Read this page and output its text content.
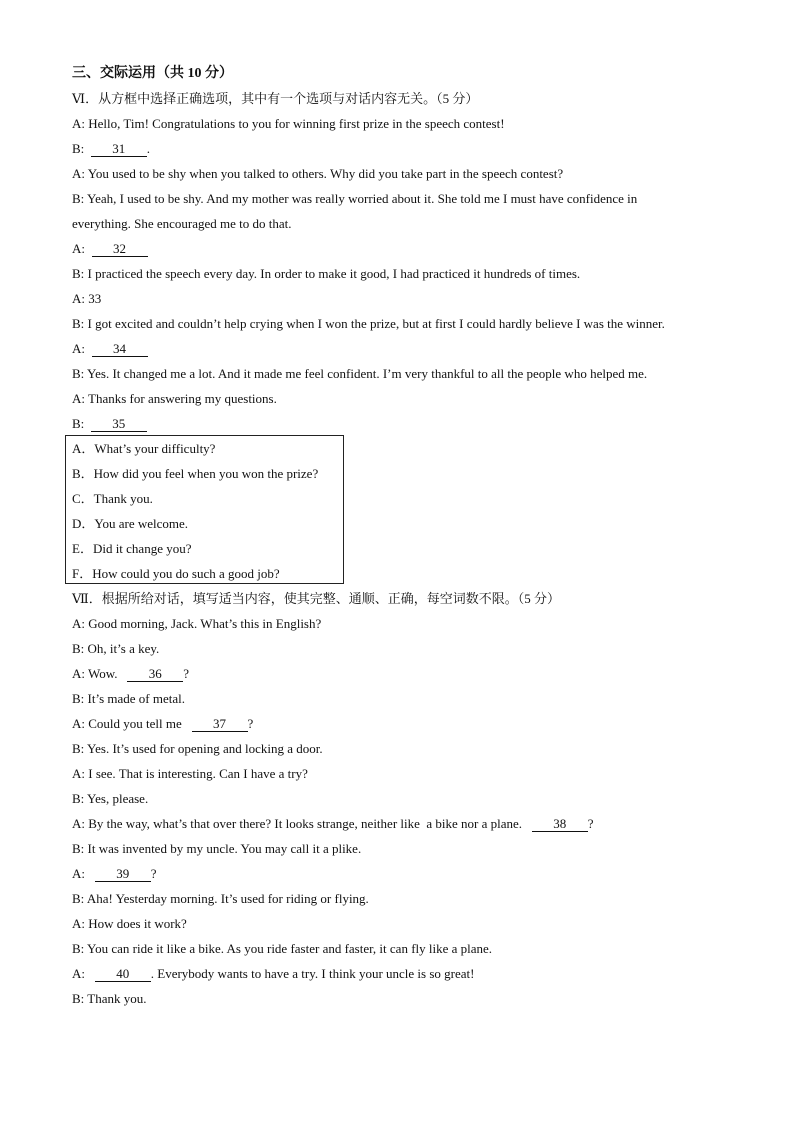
三、交际运用（共 10 分）
Ⅵ．从方框中选择正确选项，其中有一个选项与对话内容无关。（5 分）
A: Hello, Tim! Congratulations to you for winning first prize in the speech contest!
B:  31 .
A: You used to be shy when you talked to others. Why did you take part in the speech contest?
B: Yeah, I used to be shy. And my mother was really worried about it. She told me I must have confidence in
everything. She encouraged me to do that.
A:  32
B: I practiced the speech every day. In order to make it good, I had practiced it hundreds of times.
A: 33
B: I got excited and couldn’t help crying when I won the prize, but at first I could hardly believe I was the winner.
A:  34
B: Yes. It changed me a lot. And it made me feel confident. I’m very thankful to all the people who helped me.
A: Thanks for answering my questions.
B:  35
A．What’s your difficulty?
B．How did you feel when you won the prize?
C．Thank you.
D．You are welcome.
E．Did it change you?
F．How could you do such a good job?
Ⅶ．根据所给对话，填写适当内容，使其完整、通顺、正确，每空词数不限。（5 分）
A: Good morning, Jack. What’s this in English?
B: Oh, it’s a key.
A: Wow.   36 ?
B: It’s made of metal.
A: Could you tell me   37 ?
B: Yes. It’s used for opening and locking a door.
A: I see. That is interesting. Can I have a try?
B: Yes, please.
A: By the way, what’s that over there? It looks strange, neither like  a bike nor a plane.   38 ?
B: It was invented by my uncle. You may call it a plike.
A:   39 ?
B: Aha! Yesterday morning. It’s used for riding or flying.
A: How does it work?
B: You can ride it like a bike. As you ride faster and faster, it can fly like a plane.
A:   40 . Everybody wants to have a try. I think your uncle is so great!
B: Thank you.
